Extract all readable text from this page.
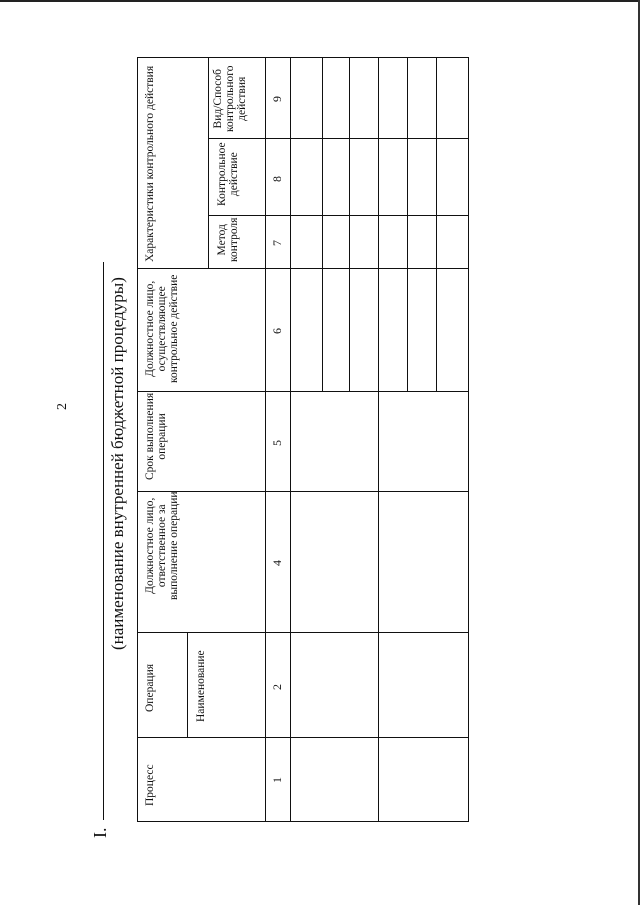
2
I.
(наименование внутренней бюджетной процедуры)
Процесс
Операция	Наименование
Должностное лицо, ответственное за выполнение операции
Срок выполнения операции
Должностное лицо, осуществляющее контрольное действие
Характеристики контрольного действия	Метод контроля
Контрольное действие
Вид/Способ контрольного действия
1
2
4
5
6
7
8
9
